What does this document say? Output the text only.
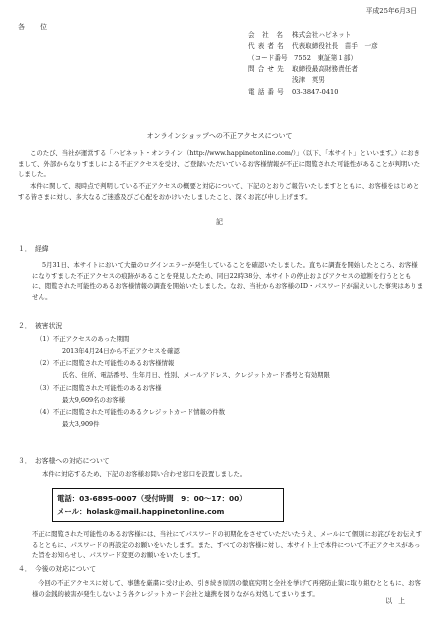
平成25年6月3日
各　位
会　社　名	株式会社ハピネット
代 表 者 名	代表取締役社長　苗手　一彦
（コード番号　7552　東証第１部）
問 合 せ 先	取締役最高財務責任者
浅津　英男
電 話 番 号	03-3847-0410
オンラインショップへの不正アクセスについて
このたび、当社が運営する「ハピネット・オンライン（http://www.happinetonline.com/）」（以下、「本サイト」といいます。）におきまして、外部からなりすましによる不正アクセスを受け、ご登録いただいているお客様情報が不正に閲覧された可能性があることが判明いたしました。
本件に関して、現時点で判明している不正アクセスの概要と対応について、下記のとおりご報告いたしますとともに、お客様をはじめとする皆さまに対し、多大なるご迷惑及びご心配をおかけいたしましたこと、深くお詫び申し上げます。
記
１．　経緯
5月31日、本サイトにおいて大量のログインエラーが発生していることを確認いたしました。直ちに調査を開始したところ、お客様になりすました不正アクセスの痕跡があることを発見したため、同日22時38分、本サイトの停止およびアクセスの遮断を行うとともに、閲覧された可能性のあるお客様情報の調査を開始いたしました。なお、当社からお客様のID・パスワードが漏えいした事実はありません。
２．　被害状況
（1）不正アクセスのあった期間
2013年4月24日から不正アクセスを確認
（2）不正に閲覧された可能性のあるお客様情報
氏名、住所、電話番号、生年月日、性別、メールアドレス、クレジットカード番号と有効期限
（3）不正に閲覧された可能性のあるお客様
最大9,609名のお客様
（4）不正に閲覧された可能性のあるクレジットカード情報の件数
最大3,909件
３．　お客様への対応について
本件に対応するため、下記のお客様お問い合わせ窓口を設置しました。
電話：03-6895-0007（受付時間　9：00～17：00）
メール：holask@mail.happinetonline.com
不正に閲覧された可能性のあるお客様には、当社にてパスワードの初期化をさせていただいたうえ、メールにて個別にお詫びをお伝えするとともに、パスワードの再設定のお願いをいたします。また、すべてのお客様に対し、本サイト上で本件について不正アクセスがあった旨をお知らせし、パスワード変更のお願いをいたします。
４．　今後の対応について
今回の不正アクセスに対して、事態を厳粛に受け止め、引き続き原因の徹底究明と全社を挙げて再発防止策に取り組むとともに、お客様の金銭的被害が発生しないよう各クレジットカード会社と連携を図りながら対処してまいります。
以上
